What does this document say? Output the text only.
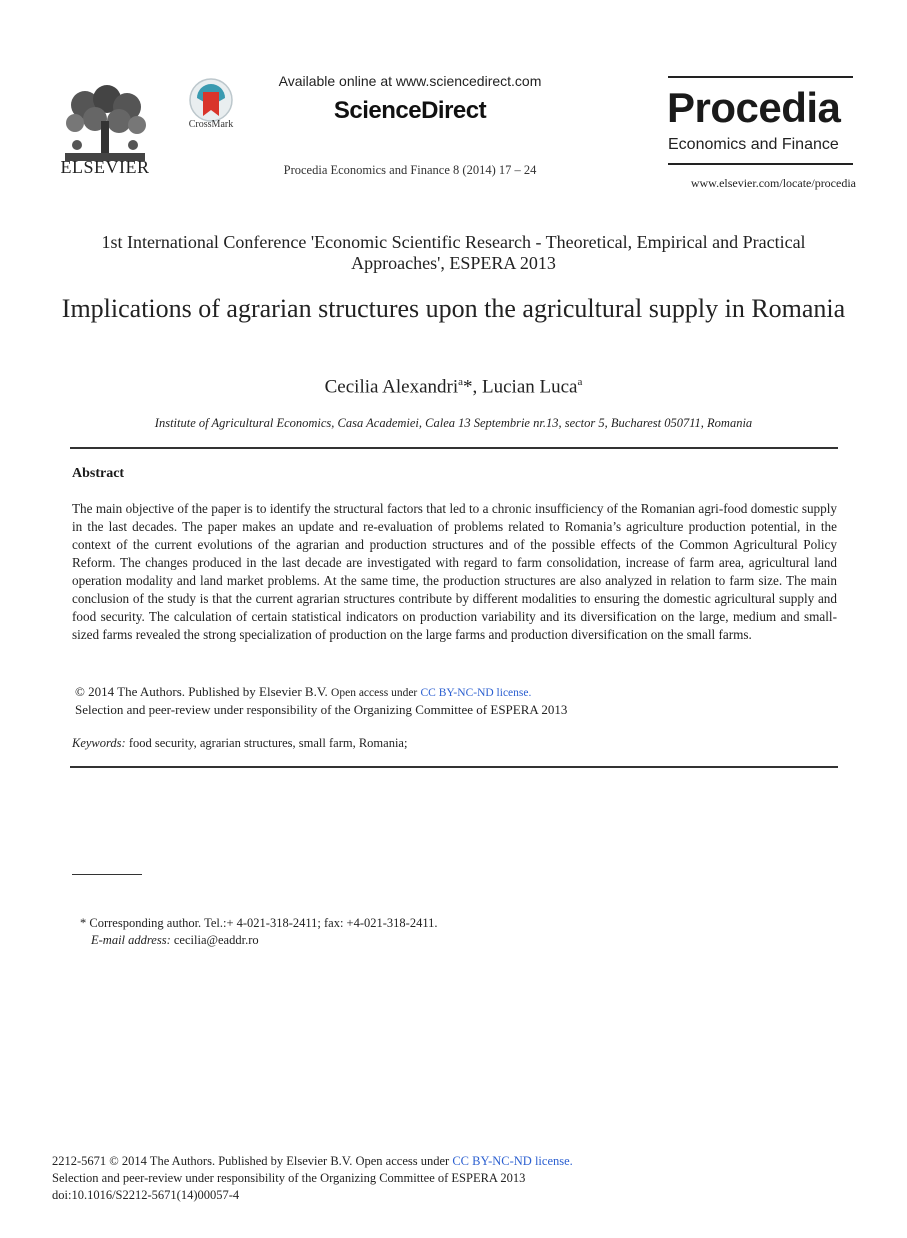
ELSEVIER
CrossMark
Available online at www.sciencedirect.com
ScienceDirect
Procedia Economics and Finance 8 (2014) 17 – 24
Procedia
Economics and Finance
www.elsevier.com/locate/procedia
1st International Conference 'Economic Scientific Research - Theoretical, Empirical and Practical Approaches', ESPERA 2013
Implications of agrarian structures upon the agricultural supply in Romania
Cecilia Alexandri$^a$*, Lucian Luca$^a$
Institute of Agricultural Economics, Casa Academiei, Calea 13 Septembrie nr.13, sector 5, Bucharest 050711, Romania
Abstract
The main objective of the paper is to identify the structural factors that led to a chronic insufficiency of the Romanian agri-food domestic supply in the last decades. The paper makes an update and re-evaluation of problems related to Romania’s agriculture production potential, in the context of the current evolutions of the agrarian and production structures and of the possible effects of the Common Agricultural Policy Reform. The changes produced in the last decade are investigated with regard to farm consolidation, increase of farm area, agricultural land operation modality and land market problems. At the same time, the production structures are also analyzed in relation to farm size. The main conclusion of the study is that the current agrarian structures contribute by different modalities to ensuring the domestic agricultural supply and food security. The calculation of certain statistical indicators on production variability and its diversification on the large, medium and small-sized farms revealed the strong specialization of production on the large farms and production diversification on the small farms.
© 2014 The Authors. Published by Elsevier B.V. Open access under CC BY-NC-ND license.
Selection and peer-review under responsibility of the Organizing Committee of ESPERA 2013
Keywords: food security, agrarian structures, small farm, Romania;
* Corresponding author. Tel.:+ 4-021-318-2411; fax: +4-021-318-2411.
E-mail address: cecilia@eaddr.ro
2212-5671 © 2014 The Authors. Published by Elsevier B.V. Open access under CC BY-NC-ND license.
Selection and peer-review under responsibility of the Organizing Committee of ESPERA 2013
doi:10.1016/S2212-5671(14)00057-4
